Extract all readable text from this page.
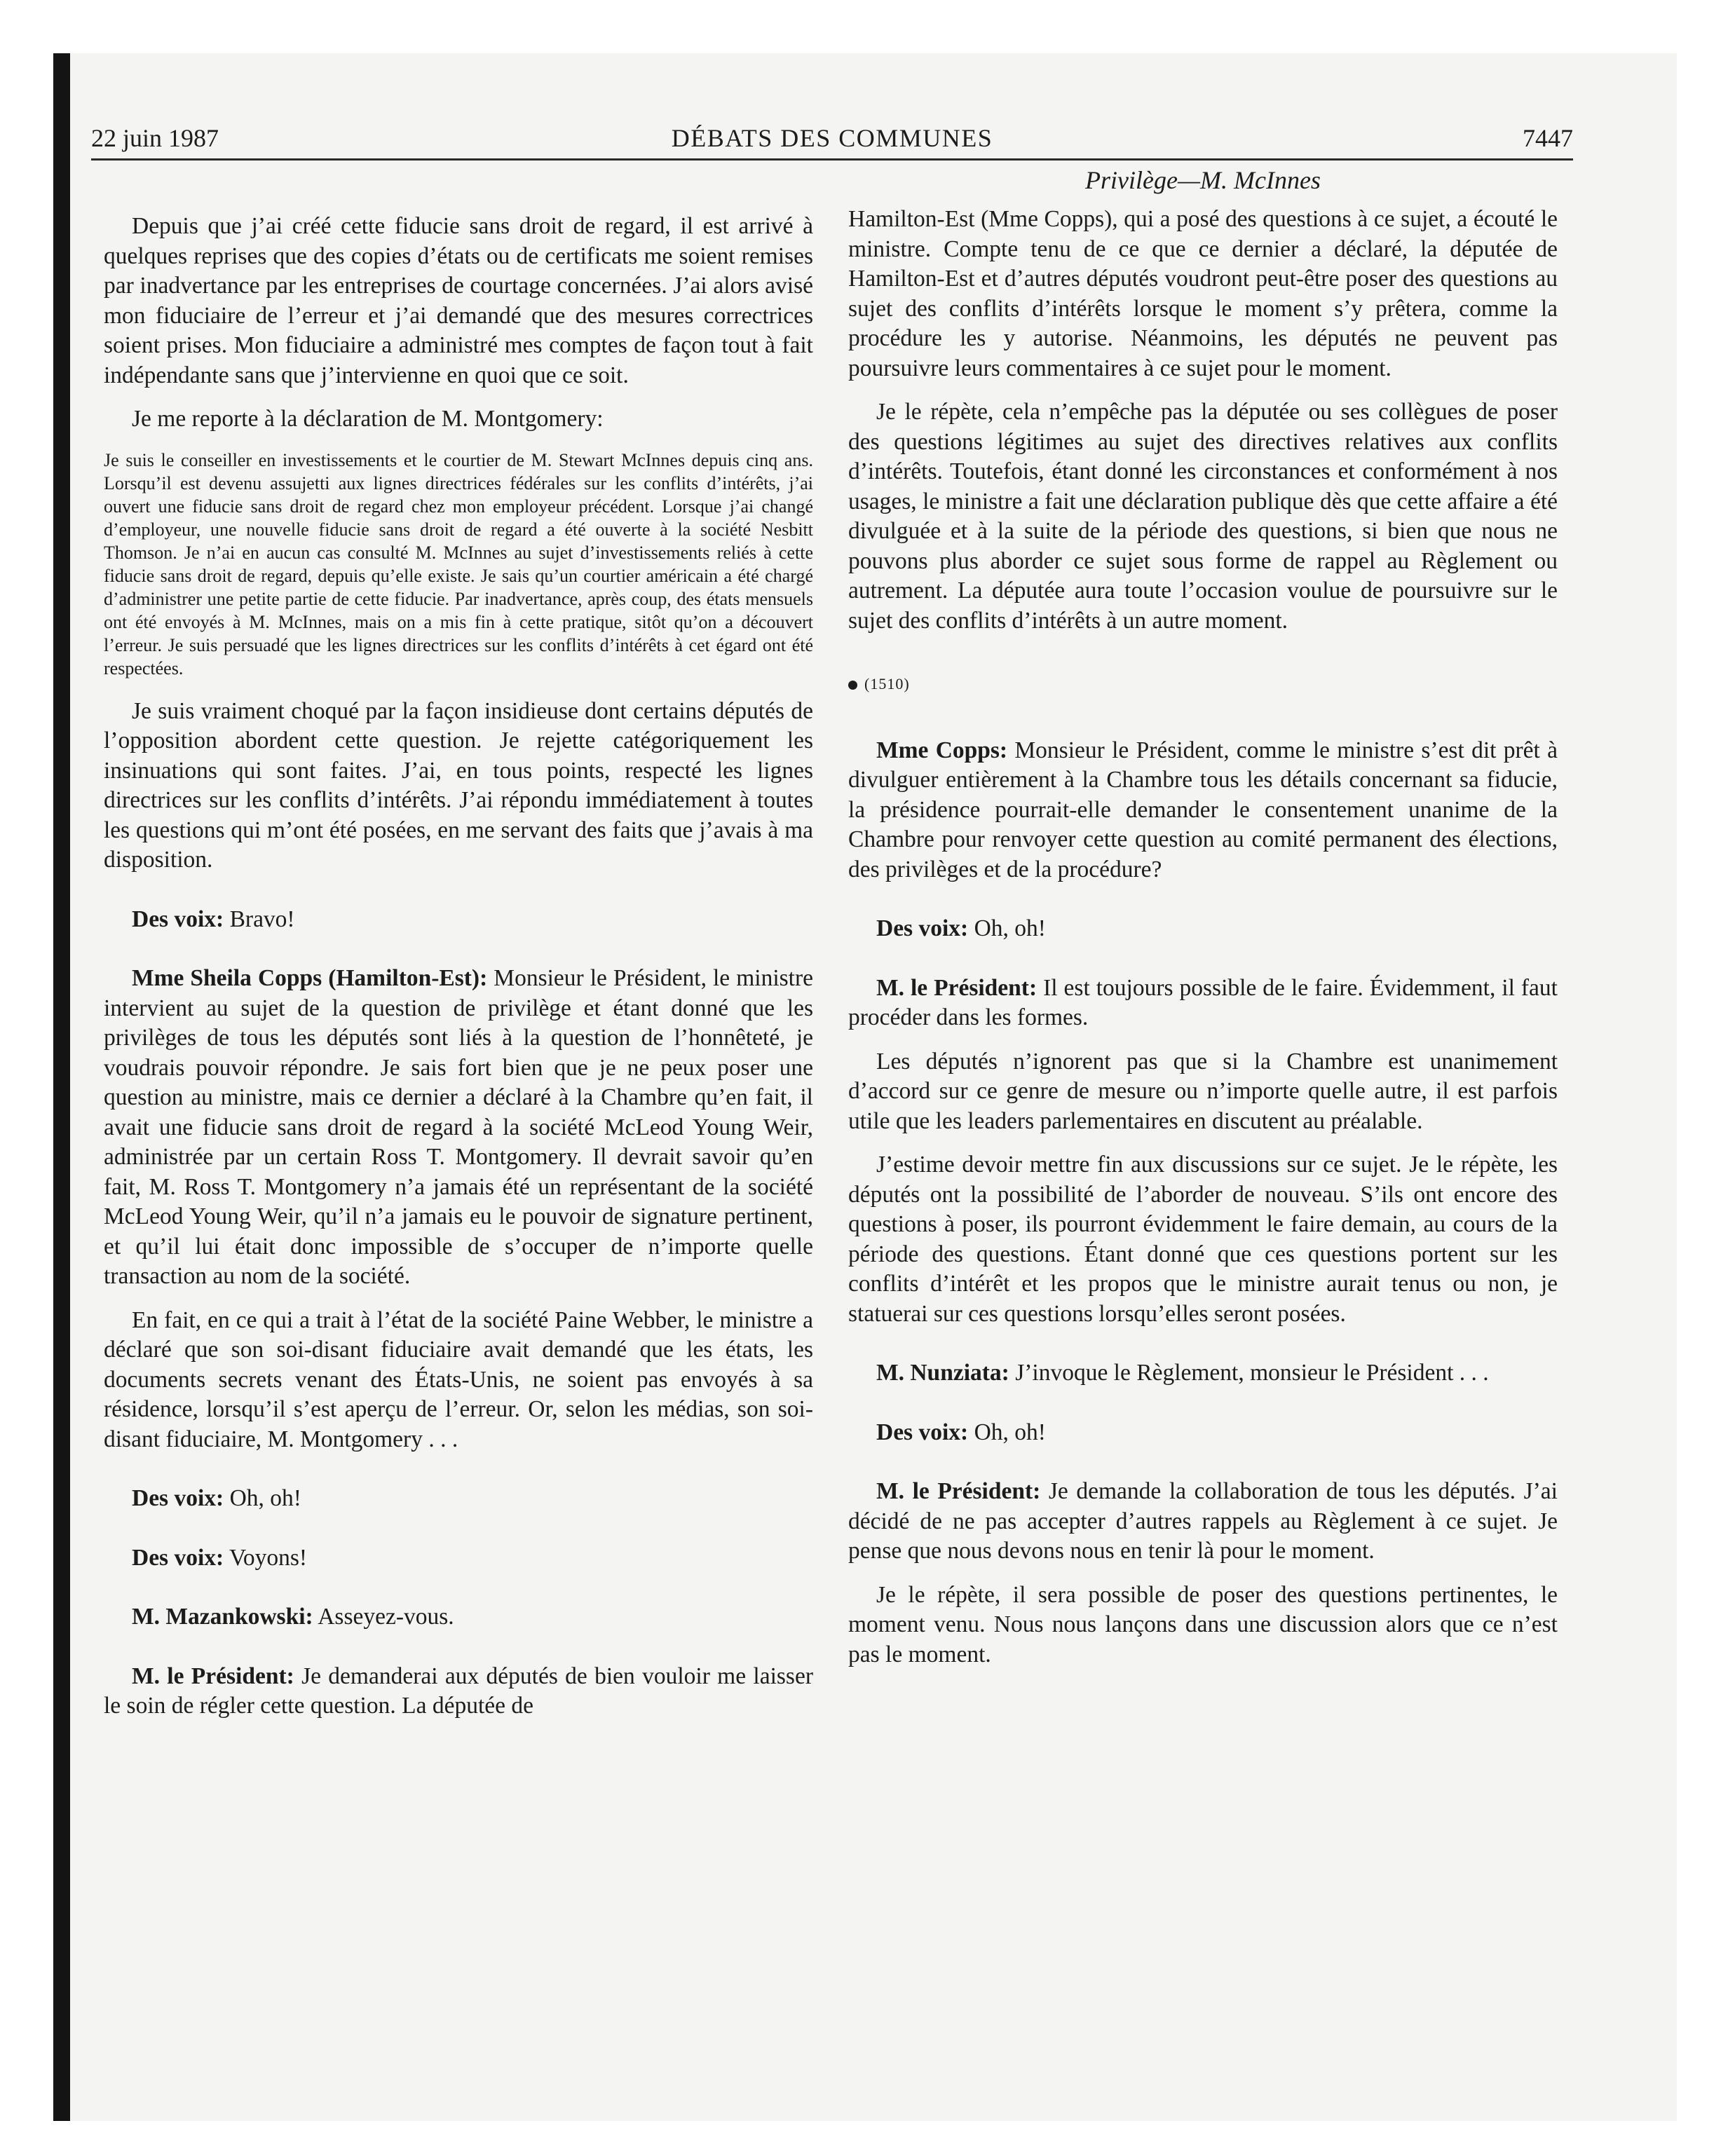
22 juin 1987	DÉBATS DES COMMUNES	7447
Privilège—M. McInnes

Depuis que j’ai créé cette fiducie sans droit de regard, il est arrivé à quelques reprises que des copies d’états ou de certificats me soient remises par inadvertance par les entreprises de courtage concernées. J’ai alors avisé mon fiduciaire de l’erreur et j’ai demandé que des mesures correctrices soient prises. Mon fiduciaire a administré mes comptes de façon tout à fait indépendante sans que j’intervienne en quoi que ce soit.

Je me reporte à la déclaration de M. Montgomery:

Je suis le conseiller en investissements et le courtier de M. Stewart McInnes depuis cinq ans. Lorsqu’il est devenu assujetti aux lignes directrices fédérales sur les conflits d’intérêts, j’ai ouvert une fiducie sans droit de regard chez mon employeur précédent. Lorsque j’ai changé d’employeur, une nouvelle fiducie sans droit de regard a été ouverte à la société Nesbitt Thomson. Je n’ai en aucun cas consulté M. McInnes au sujet d’investissements reliés à cette fiducie sans droit de regard, depuis qu’elle existe. Je sais qu’un courtier américain a été chargé d’administrer une petite partie de cette fiducie. Par inadvertance, après coup, des états mensuels ont été envoyés à M. McInnes, mais on a mis fin à cette pratique, sitôt qu’on a découvert l’erreur. Je suis persuadé que les lignes directrices sur les conflits d’intérêts à cet égard ont été respectées.

Je suis vraiment choqué par la façon insidieuse dont certains députés de l’opposition abordent cette question. Je rejette catégoriquement les insinuations qui sont faites. J’ai, en tous points, respecté les lignes directrices sur les conflits d’intérêts. J’ai répondu immédiatement à toutes les questions qui m’ont été posées, en me servant des faits que j’avais à ma disposition.

Des voix: Bravo!

Mme Sheila Copps (Hamilton-Est): Monsieur le Président, le ministre intervient au sujet de la question de privilège et étant donné que les privilèges de tous les députés sont liés à la question de l’honnêteté, je voudrais pouvoir répondre. Je sais fort bien que je ne peux poser une question au ministre, mais ce dernier a déclaré à la Chambre qu’en fait, il avait une fiducie sans droit de regard à la société McLeod Young Weir, administrée par un certain Ross T. Montgomery. Il devrait savoir qu’en fait, M. Ross T. Montgomery n’a jamais été un représentant de la société McLeod Young Weir, qu’il n’a jamais eu le pouvoir de signature pertinent, et qu’il lui était donc impossible de s’occuper de n’importe quelle transaction au nom de la société.

En fait, en ce qui a trait à l’état de la société Paine Webber, le ministre a déclaré que son soi-disant fiduciaire avait demandé que les états, les documents secrets venant des États-Unis, ne soient pas envoyés à sa résidence, lorsqu’il s’est aperçu de l’erreur. Or, selon les médias, son soi-disant fiduciaire, M. Montgomery . . .

Des voix: Oh, oh!

Des voix: Voyons!

M. Mazankowski: Asseyez-vous.

M. le Président: Je demanderai aux députés de bien vouloir me laisser le soin de régler cette question. La députée de

Hamilton-Est (Mme Copps), qui a posé des questions à ce sujet, a écouté le ministre. Compte tenu de ce que ce dernier a déclaré, la députée de Hamilton-Est et d’autres députés voudront peut-être poser des questions au sujet des conflits d’intérêts lorsque le moment s’y prêtera, comme la procédure les y autorise. Néanmoins, les députés ne peuvent pas poursuivre leurs commentaires à ce sujet pour le moment.

Je le répète, cela n’empêche pas la députée ou ses collègues de poser des questions légitimes au sujet des directives relatives aux conflits d’intérêts. Toutefois, étant donné les circonstances et conformément à nos usages, le ministre a fait une déclaration publique dès que cette affaire a été divulguée et à la suite de la période des questions, si bien que nous ne pouvons plus aborder ce sujet sous forme de rappel au Règlement ou autrement. La députée aura toute l’occasion voulue de poursuivre sur le sujet des conflits d’intérêts à un autre moment.

(1510)

Mme Copps: Monsieur le Président, comme le ministre s’est dit prêt à divulguer entièrement à la Chambre tous les détails concernant sa fiducie, la présidence pourrait-elle demander le consentement unanime de la Chambre pour renvoyer cette question au comité permanent des élections, des privilèges et de la procédure?

Des voix: Oh, oh!

M. le Président: Il est toujours possible de le faire. Évidemment, il faut procéder dans les formes.

Les députés n’ignorent pas que si la Chambre est unanimement d’accord sur ce genre de mesure ou n’importe quelle autre, il est parfois utile que les leaders parlementaires en discutent au préalable.

J’estime devoir mettre fin aux discussions sur ce sujet. Je le répète, les députés ont la possibilité de l’aborder de nouveau. S’ils ont encore des questions à poser, ils pourront évidemment le faire demain, au cours de la période des questions. Étant donné que ces questions portent sur les conflits d’intérêt et les propos que le ministre aurait tenus ou non, je statuerai sur ces questions lorsqu’elles seront posées.

M. Nunziata: J’invoque le Règlement, monsieur le Président . . .

Des voix: Oh, oh!

M. le Président: Je demande la collaboration de tous les députés. J’ai décidé de ne pas accepter d’autres rappels au Règlement à ce sujet. Je pense que nous devons nous en tenir là pour le moment.

Je le répète, il sera possible de poser des questions pertinentes, le moment venu. Nous nous lançons dans une discussion alors que ce n’est pas le moment.
